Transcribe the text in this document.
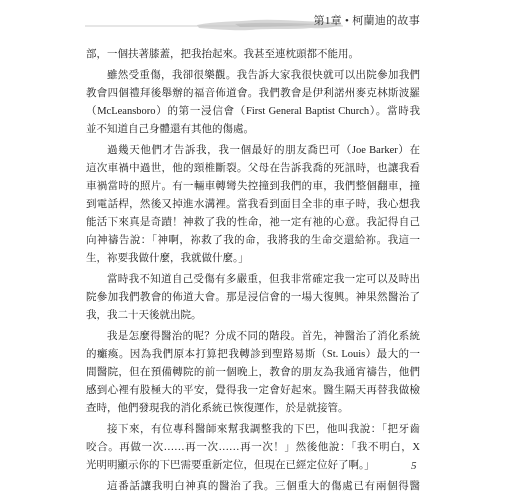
第1章 • 柯蘭迪的故事
部，一個扶著膝蓋，把我抬起來。我甚至連枕頭都不能用。
雖然受重傷，我卻很樂觀。我告訴大家我很快就可以出院參加我們
教會四個禮拜後舉辦的福音佈道會。我們教會是伊利諾州麥克林斯波羅
（McLeansboro）的第一浸信會（First General Baptist Church）。當時我
並不知道自己身體還有其他的傷處。
過幾天他們才告訴我，我一個最好的朋友喬巴可（Joe Barker）在
這次車禍中過世，他的頸椎斷裂。父母在告訴我喬的死訊時，也讓我看
車禍當時的照片。有一輛車轉彎失控撞到我們的車，我們整個翻車，撞
到電話桿，然後又掉進水溝裡。當我看到面目全非的車子時，我心想我
能活下來真是奇蹟！神救了我的性命，祂一定有祂的心意。我記得自己
向神禱告說：「神啊，祢救了我的命，我將我的生命交還給祢。我這一
生，祢要我做什麼，我就做什麼。」
當時我不知道自己受傷有多嚴重，但我非常確定我一定可以及時出
院參加我們教會的佈道大會。那是浸信會的一場大復興。神果然醫治了
我，我二十天後就出院。
我是怎麼得醫治的呢？分成不同的階段。首先，神醫治了消化系統
的癱瘓。因為我們原本打算把我轉診到聖路易斯（St. Louis）最大的一
間醫院，但在預備轉院的前一個晚上，教會的朋友為我通宵禱告，他們
感到心裡有股極大的平安，覺得我一定會好起來。醫生隔天再替我做檢
查時，他們發現我的消化系統已恢復運作，於是就接管。
接下來，有位專科醫師來幫我調整我的下巴，他叫我說：「把牙齒
咬合。再做一次……再一次……再一次！」然後他說：「我不明白，X
光明明顯示你的下巴需要重新定位，但現在已經定位好了啊。」
這番話讓我明白神真的醫治了我。三個重大的傷處已有兩個得醫
5
